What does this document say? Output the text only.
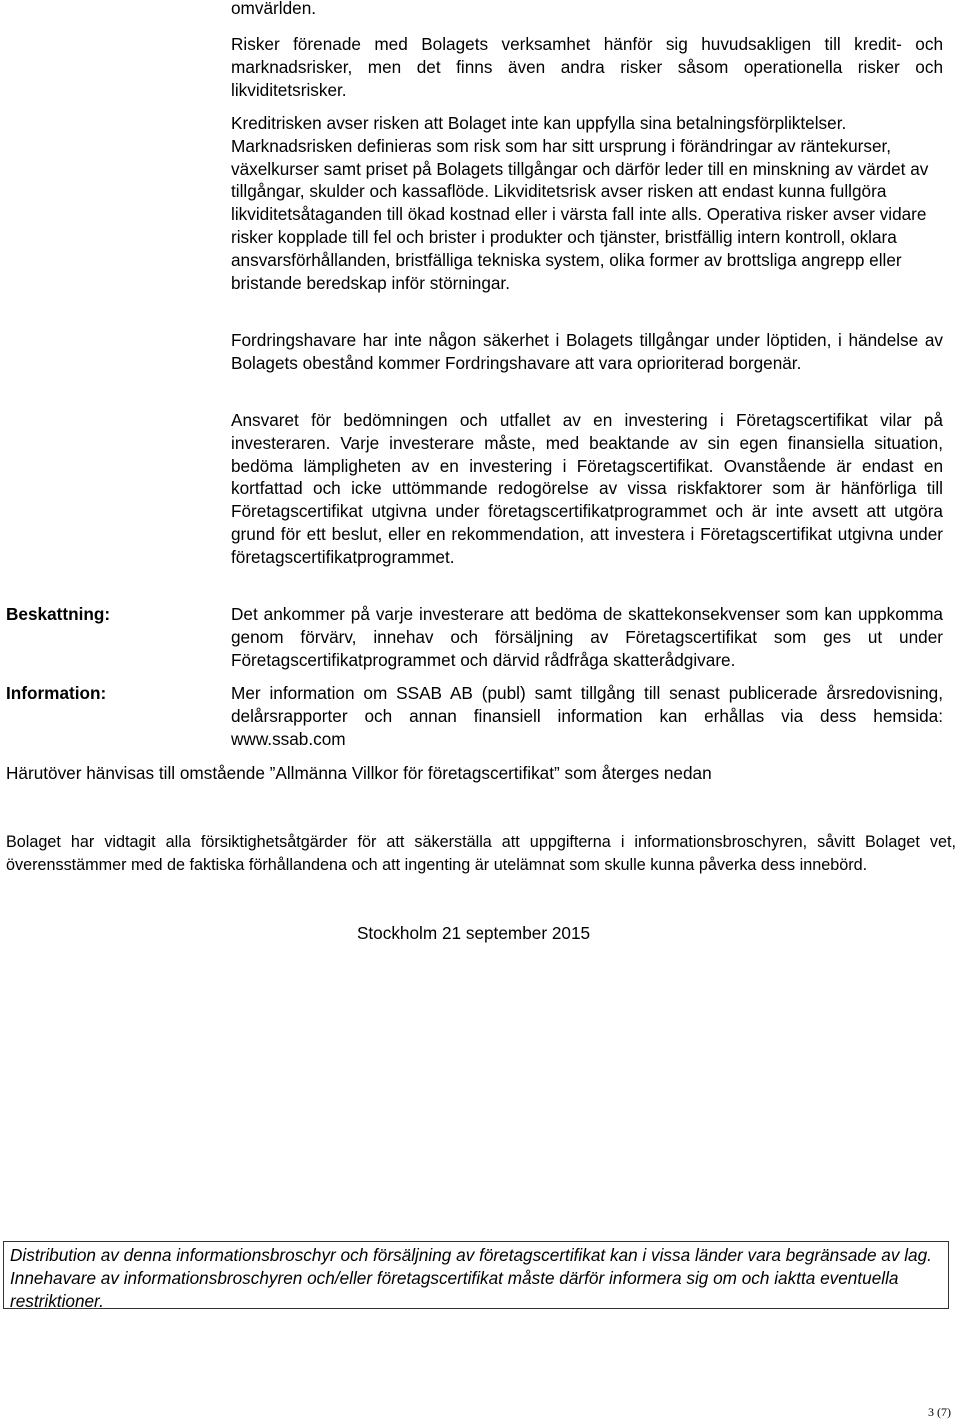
omvärlden.

Risker förenade med Bolagets verksamhet hänför sig huvudsakligen till kredit- och marknadsrisker, men det finns även andra risker såsom operationella risker och likviditetsrisker.

Kreditrisken avser risken att Bolaget inte kan uppfylla sina betalningsförpliktelser. Marknadsrisken definieras som risk som har sitt ursprung i förändringar av räntekurser, växelkurser samt priset på Bolagets tillgångar och därför leder till en minskning av värdet av tillgångar, skulder och kassaflöde. Likviditetsrisk avser risken att endast kunna fullgöra likviditetsåtaganden till ökad kostnad eller i värsta fall inte alls. Operativa risker avser vidare risker kopplade till fel och brister i produkter och tjänster, bristfällig intern kontroll, oklara ansvarsförhållanden, bristfälliga tekniska system, olika former av brottsliga angrepp eller bristande beredskap inför störningar.

Fordringshavare har inte någon säkerhet i Bolagets tillgångar under löptiden, i händelse av Bolagets obestånd kommer Fordringshavare att vara oprioriterad borgenär.

Ansvaret för bedömningen och utfallet av en investering i Företagscertifikat vilar på investeraren. Varje investerare måste, med beaktande av sin egen finansiella situation, bedöma lämpligheten av en investering i Företagscertifikat. Ovanstående är endast en kortfattad och icke uttömmande redogörelse av vissa riskfaktorer som är hänförliga till Företagscertifikat utgivna under företagscertifikatprogrammet och är inte avsett att utgöra grund för ett beslut, eller en rekommendation, att investera i Företagscertifikat utgivna under företagscertifikatprogrammet.

Beskattning:	Det ankommer på varje investerare att bedöma de skattekonsekvenser som kan uppkomma genom förvärv, innehav och försäljning av Företagscertifikat som ges ut under Företagscertifikatprogrammet och därvid rådfråga skatterådgivare.

Information:	Mer information om SSAB AB (publ) samt tillgång till senast publicerade årsredovisning, delårsrapporter och annan finansiell information kan erhållas via dess hemsida: www.ssab.com

Härutöver hänvisas till omstående ”Allmänna Villkor för företagscertifikat” som återges nedan

Bolaget har vidtagit alla försiktighetsåtgärder för att säkerställa att uppgifterna i informationsbroschyren, såvitt Bolaget vet, överensstämmer med de faktiska förhållandena och att ingenting är utelämnat som skulle kunna påverka dess innebörd.

Stockholm 21 september 2015

Distribution av denna informationsbroschyr och försäljning av företagscertifikat kan i vissa länder vara begränsade av lag. Innehavare av informationsbroschyren och/eller företagscertifikat måste därför informera sig om och iaktta eventuella restriktioner.
3 (7)
